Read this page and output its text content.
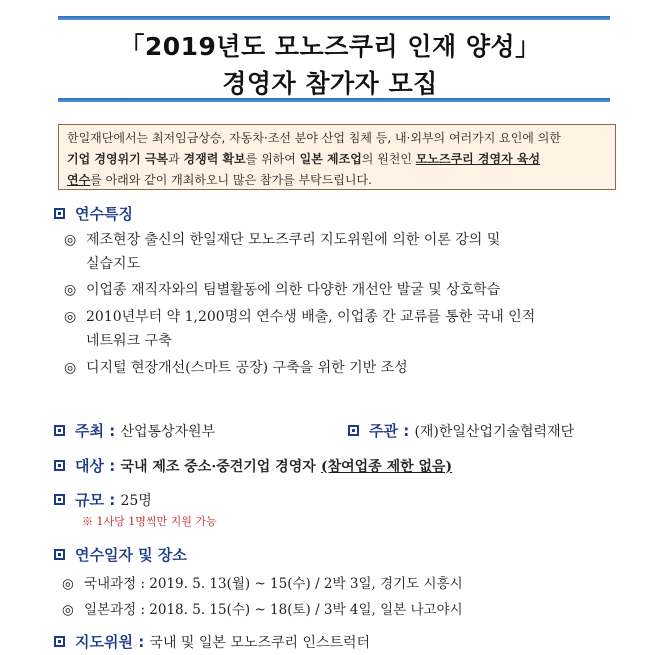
「2019년도 모노즈쿠리 인재 양성」
경영자 참가자 모집
한일재단에서는 최저임금상승, 자동차·조선 분야 산업 침체 등, 내·외부의 여러가지 요인에 의한
기업 경영위기 극복과 경쟁력 확보를 위하여 일본 제조업의 원천인 모노즈쿠리 경영자 육성
연수를 아래와 같이 개최하오니 많은 참가를 부탁드립니다.
연수특징
◎ 제조현장 출신의 한일재단 모노즈쿠리 지도위원에 의한 이론 강의 및
실습지도
◎ 이업종 재직자와의 팀별활동에 의한 다양한 개선안 발굴 및 상호학습
◎ 2010년부터 약 1,200명의 연수생 배출, 이업종 간 교류를 통한 국내 인적
네트워크 구축
◎ 디지털 현장개선(스마트 공장) 구축을 위한 기반 조성
주최 : 산업통상자원부	주관 : (재)한일산업기술협력재단
대상 : 국내 제조 중소·중견기업 경영자
(참여업종 제한 없음)
규모 : 25명
※ 1사당 1명씩만 지원 가능
연수일자 및 장소
◎ 국내과정 : 2019. 5. 13(월) ~ 15(수) / 2박 3일, 경기도 시흥시
◎ 일본과정 : 2018. 5. 15(수) ~ 18(토) / 3박 4일, 일본 나고야시
지도위원 : 국내 및 일본 모노즈쿠리 인스트럭터
